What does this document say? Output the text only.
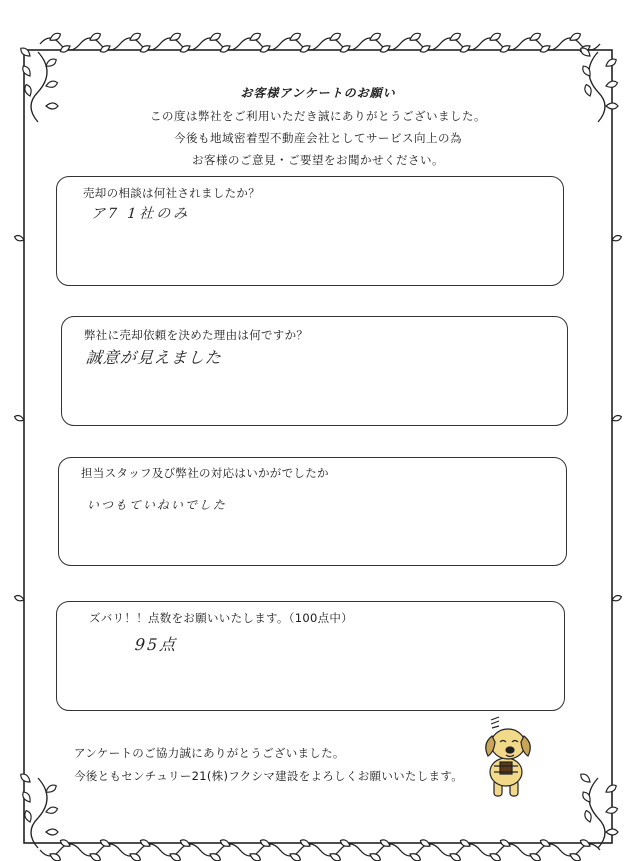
お客様アンケートのお願い
この度は弊社をご利用いただき誠にありがとうございました。
今後も地域密着型不動産会社としてサービス向上の為
お客様のご意見・ご要望をお聞かせください。
売却の相談は何社されましたか？
ア7 1社のみ
弊社に売却依頼を決めた理由は何ですか？
誠意が見えました
担当スタッフ及び弊社の対応はいかがでしたか
いつもていねいでした
ズバリ！！点数をお願いいたします。（100点中）
95点
アンケートのご協力誠にありがとうございました。
今後ともセンチュリー21(株)フクシマ建設をよろしくお願いいたします。
